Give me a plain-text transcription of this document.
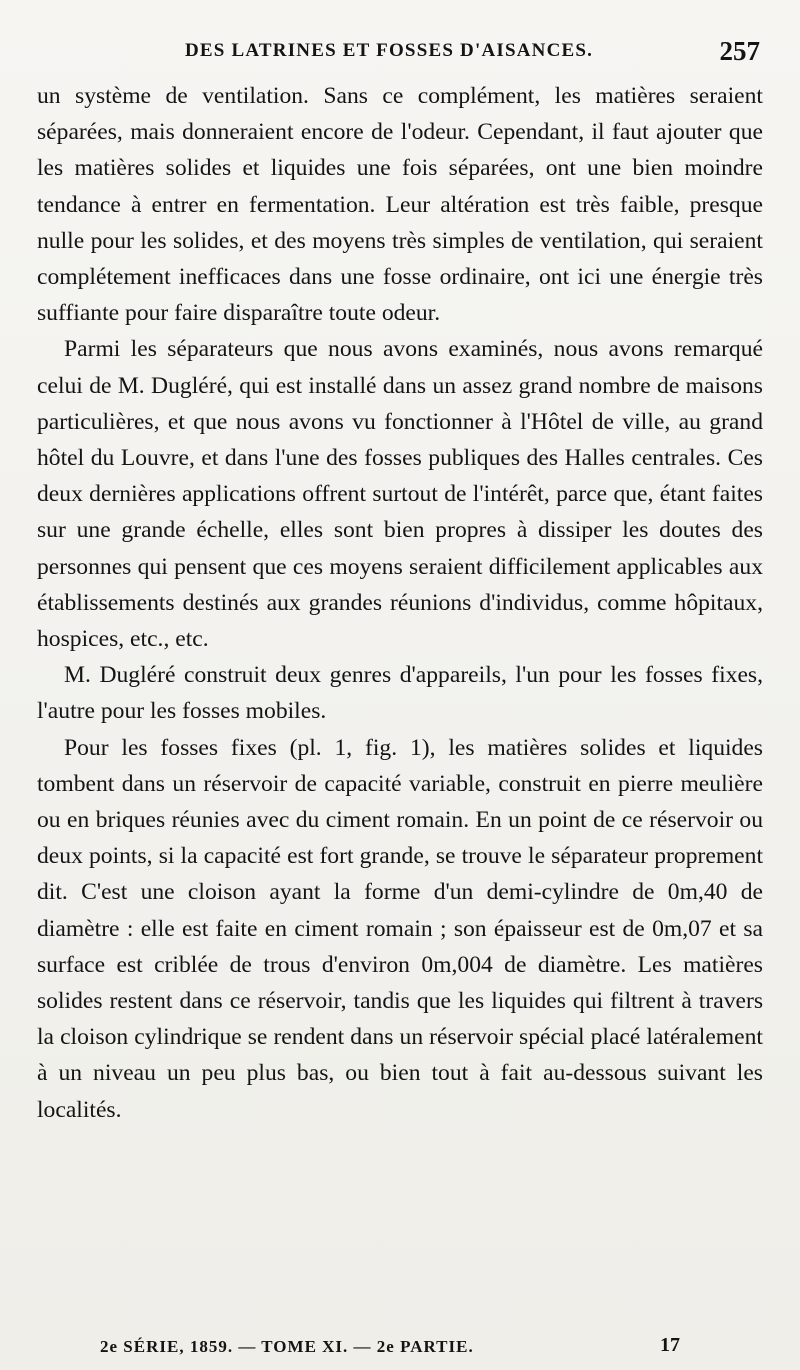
DES LATRINES ET FOSSES D'AISANCES.	257

un système de ventilation. Sans ce complément, les matières seraient séparées, mais donneraient encore de l'odeur. Cependant, il faut ajouter que les matières solides et liquides une fois séparées, ont une bien moindre tendance à entrer en fermentation. Leur altération est très faible, presque nulle pour les solides, et des moyens très simples de ventilation, qui seraient complétement inefficaces dans une fosse ordinaire, ont ici une énergie très suffiante pour faire disparaître toute odeur.

Parmi les séparateurs que nous avons examinés, nous avons remarqué celui de M. Dugléré, qui est installé dans un assez grand nombre de maisons particulières, et que nous avons vu fonctionner à l'Hôtel de ville, au grand hôtel du Louvre, et dans l'une des fosses publiques des Halles centrales. Ces deux dernières applications offrent surtout de l'intérêt, parce que, étant faites sur une grande échelle, elles sont bien propres à dissiper les doutes des personnes qui pensent que ces moyens seraient difficilement applicables aux établissements destinés aux grandes réunions d'individus, comme hôpitaux, hospices, etc., etc.

M. Dugléré construit deux genres d'appareils, l'un pour les fosses fixes, l'autre pour les fosses mobiles.

Pour les fosses fixes (pl. 1, fig. 1), les matières solides et liquides tombent dans un réservoir de capacité variable, construit en pierre meulière ou en briques réunies avec du ciment romain. En un point de ce réservoir ou deux points, si la capacité est fort grande, se trouve le séparateur proprement dit. C'est une cloison ayant la forme d'un demi-cylindre de 0m,40 de diamètre : elle est faite en ciment romain ; son épaisseur est de 0m,07 et sa surface est criblée de trous d'environ 0m,004 de diamètre. Les matières solides restent dans ce réservoir, tandis que les liquides qui filtrent à travers la cloison cylindrique se rendent dans un réservoir spécial placé latéralement à un niveau un peu plus bas, ou bien tout à fait au-dessous suivant les localités.

2e SÉRIE, 1859. — TOME XI. — 2e PARTIE.	17
